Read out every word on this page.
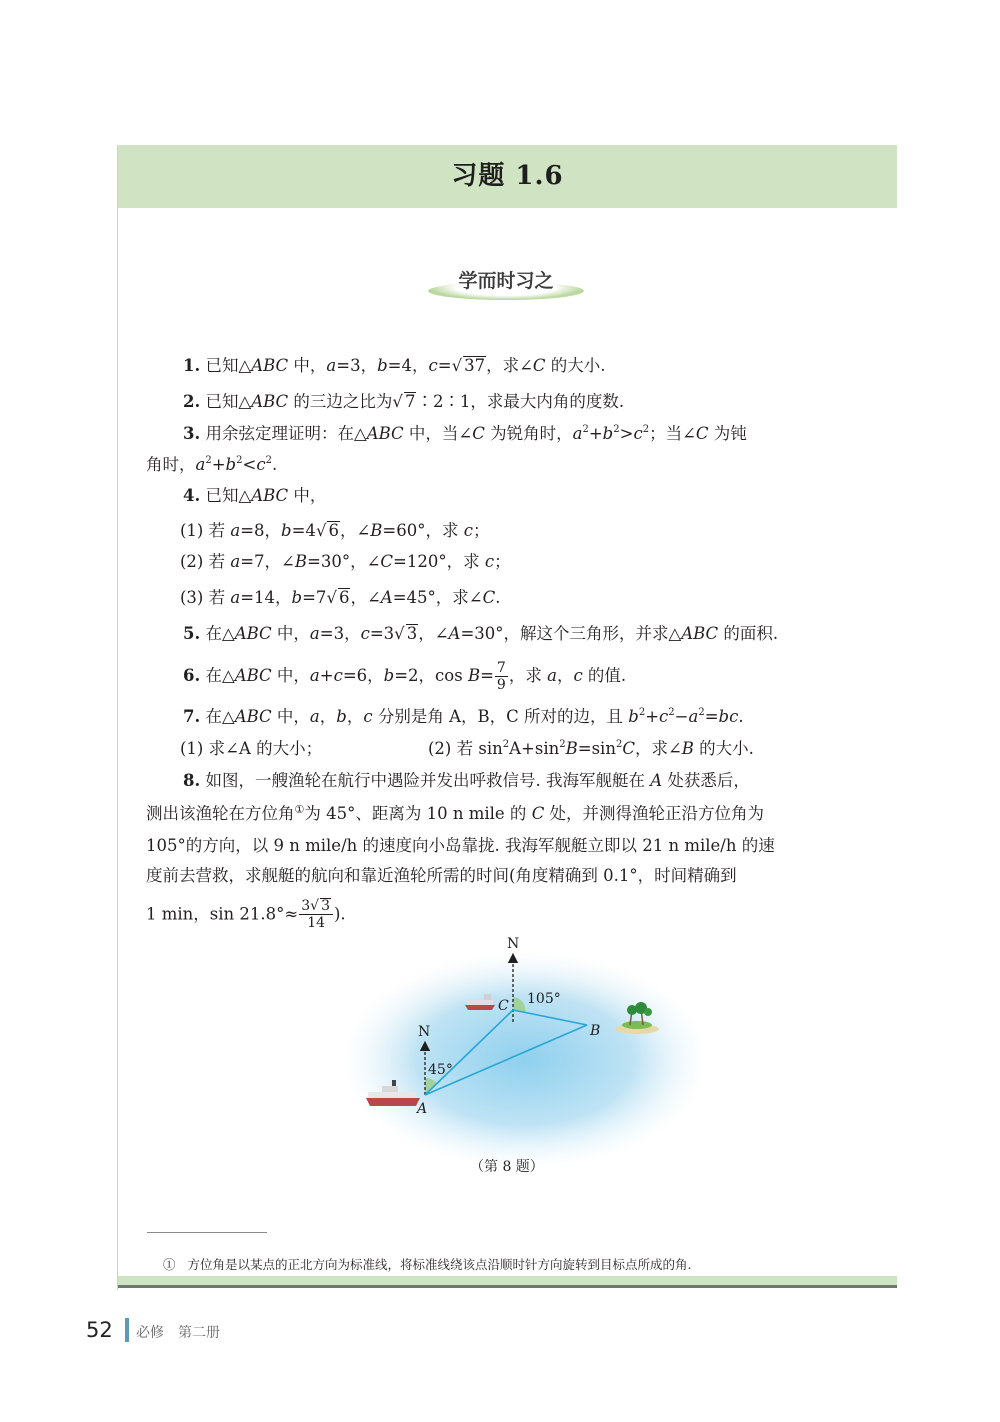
习题 1.6
学而时习之
1. 已知△ABC 中，a=3，b=4，c=√ 37，求∠C 的大小.
2. 已知△ABC 的三边之比为√ 7∶2∶1，求最大内角的度数.
3. 用余弦定理证明：在△ABC 中，当∠C 为锐角时，$a^2+b^2>c^2$；当∠C 为钝
角时，$a^2+b^2<c^2$.
4. 已知△ABC 中，
(1) 若 a=8，b=4√ 6，∠B=60°，求 c；
(2) 若 a=7，∠B=30°，∠C=120°，求 c；
(3) 若 a=14，b=7√ 6，∠A=45°，求∠C.
5. 在△ABC 中，a=3，c=3√ 3，∠A=30°，解这个三角形，并求△ABC 的面积.
6. 在△ABC 中，a+c=6，b=2，$\cos B= \frac{7}{9}$ ，求 a，c 的值.
7. 在△ABC 中，a，b，c 分别是角 A，B，C 所对的边，且 $b^2+c^2-a^2=bc$.
(1) 求∠A 的大小；	(2) 若 $\sin^2A+\sin^2B=\sin^2C$，求∠B 的大小.
8. 如图，一艘渔轮在航行中遇险并发出呼救信号. 我海军舰艇在 A 处获悉后，
测出该渔轮在方位角①为 45°、距离为 10 n mile 的 C 处，并测得渔轮正沿方位角为
105°的方向，以 9 n mile/h 的速度向小岛靠拢. 我海军舰艇立即以 21 n mile/h 的速
度前去营救，求舰艇的航向和靠近渔轮所需的时间(角度精确到 0.1°，时间精确到
1 min，$\sin 21.8^\circ\approx \frac{3√ 3}{14}$ ).
N
N
45°
105°
A
C
B
（第 8 题）
① 方位角是以某点的正北方向为标准线，将标准线绕该点沿顺时针方向旋转到目标点所成的角.
52 必修　第二册
